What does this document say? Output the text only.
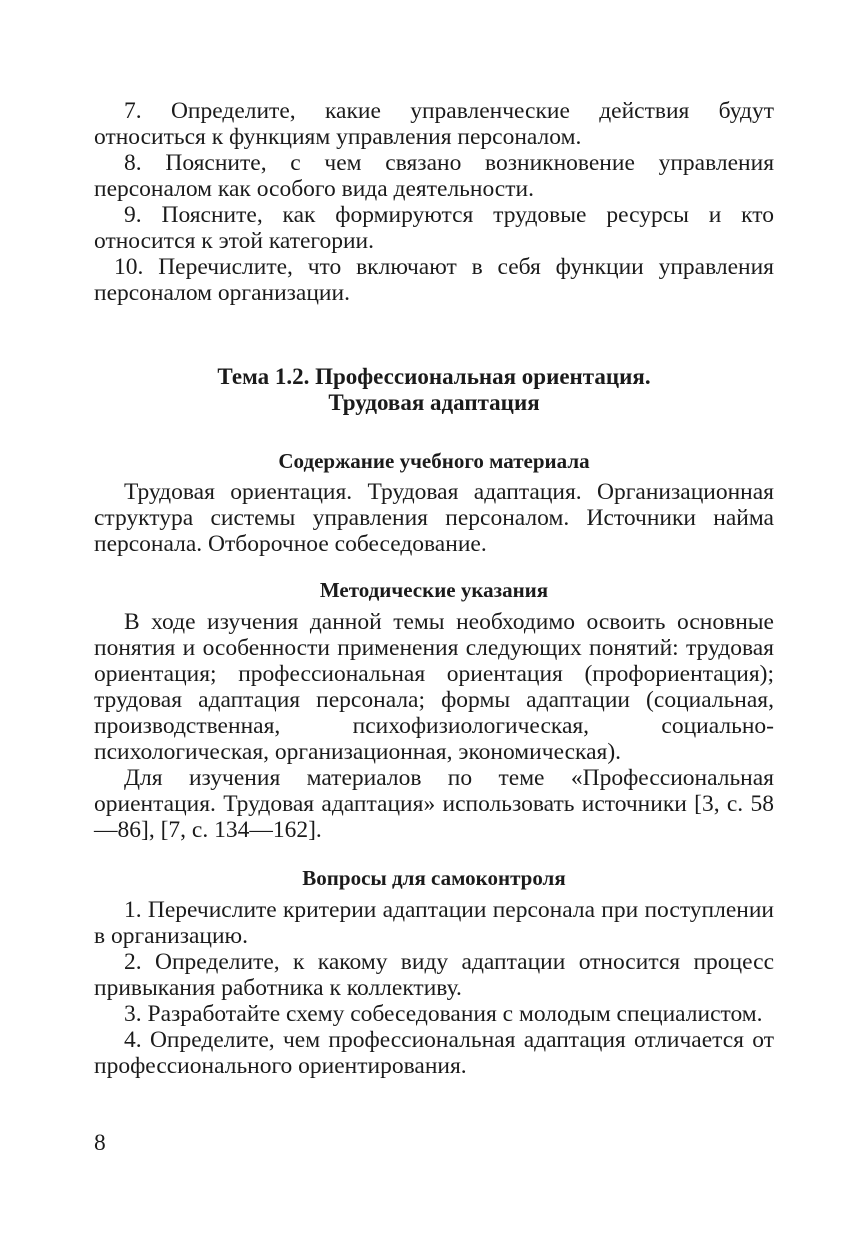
7. Определите, какие управленческие действия будут относиться к функциям управления персоналом.

8. Поясните, с чем связано возникновение управления персоналом как особого вида деятельности.

9. Поясните, как формируются трудовые ресурсы и кто относится к этой категории.

10. Перечислите, что включают в себя функции управления персоналом организации.

Тема 1.2. Профессиональная ориентация.

Трудовая адаптация

Содержание учебного материала

Трудовая ориентация. Трудовая адаптация. Организационная структура системы управления персоналом. Источники найма персонала. Отборочное собеседование.

Методические указания

В ходе изучения данной темы необходимо освоить основные понятия и особенности применения следующих понятий: трудовая ориентация; профессиональная ориентация (профориентация); трудовая адаптация персонала; формы адаптации (социальная, производственная, психофизиологическая, социально-психологическая, организационная, экономическая).

Для изучения материалов по теме «Профессиональная ориентация. Трудовая адаптация» использовать источники [3, с. 58—86], [7, с. 134—162].

Вопросы для самоконтроля

1. Перечислите критерии адаптации персонала при поступлении в организацию.

2. Определите, к какому виду адаптации относится процесс привыкания работника к коллективу.

3. Разработайте схему собеседования с молодым специалистом.

4. Определите, чем профессиональная адаптация отличается от профессионального ориентирования.

8
